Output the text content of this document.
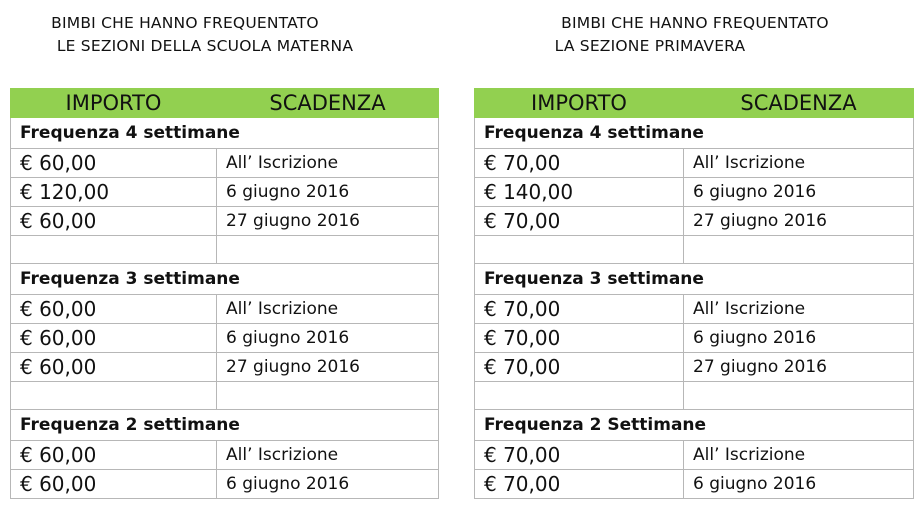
BIMBI CHE HANNO FREQUENTATO
LE SEZIONI DELLA SCUOLA MATERNA
BIMBI CHE HANNO FREQUENTATO
LA SEZIONE PRIMAVERA
IMPORTO	SCADENZA
Frequenza 4 settimane	
€ 60,00	All’ Iscrizione
€ 120,00	6 giugno 2016
€ 60,00	27 giugno 2016

Frequenza 3 settimane	
€ 60,00	All’ Iscrizione
€ 60,00	6 giugno 2016
€ 60,00	27 giugno 2016

Frequenza 2 settimane	
€ 60,00	All’ Iscrizione
€ 60,00	6 giugno 2016
IMPORTO	SCADENZA
Frequenza 4 settimane	
€ 70,00	All’ Iscrizione
€ 140,00	6 giugno 2016
€ 70,00	27 giugno 2016

Frequenza 3 settimane	
€ 70,00	All’ Iscrizione
€ 70,00	6 giugno 2016
€ 70,00	27 giugno 2016

Frequenza 2 Settimane	
€ 70,00	All’ Iscrizione
€ 70,00	6 giugno 2016
